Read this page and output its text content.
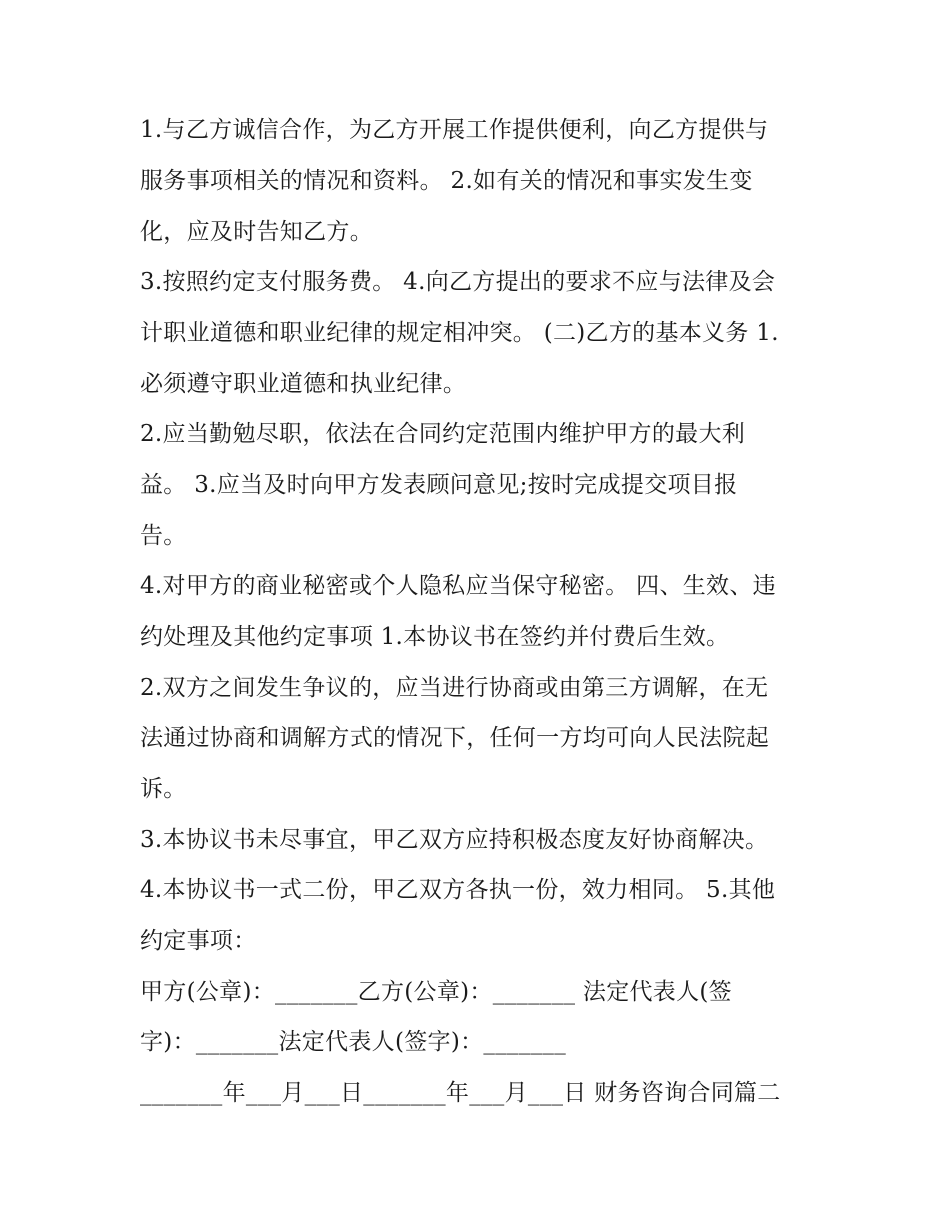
1.与乙方诚信合作，为乙方开展工作提供便利，向乙方提供与
服务事项相关的情况和资料。 2.如有关的情况和事实发生变
化，应及时告知乙方。
3.按照约定支付服务费。 4.向乙方提出的要求不应与法律及会
计职业道德和职业纪律的规定相冲突。 (二)乙方的基本义务 1.
必须遵守职业道德和执业纪律。
2.应当勤勉尽职，依法在合同约定范围内维护甲方的最大利
益。 3.应当及时向甲方发表顾问意见;按时完成提交项目报
告。
4.对甲方的商业秘密或个人隐私应当保守秘密。 四、生效、违
约处理及其他约定事项 1.本协议书在签约并付费后生效。
2.双方之间发生争议的，应当进行协商或由第三方调解，在无
法通过协商和调解方式的情况下，任何一方均可向人民法院起
诉。
3.本协议书未尽事宜，甲乙双方应持积极态度友好协商解决。
4.本协议书一式二份，甲乙双方各执一份，效力相同。 5.其他
约定事项：
甲方(公章)：_______乙方(公章)：_______ 法定代表人(签
字)：_______法定代表人(签字)：_______
_______年___月___日_______年___月___日 财务咨询合同篇二
